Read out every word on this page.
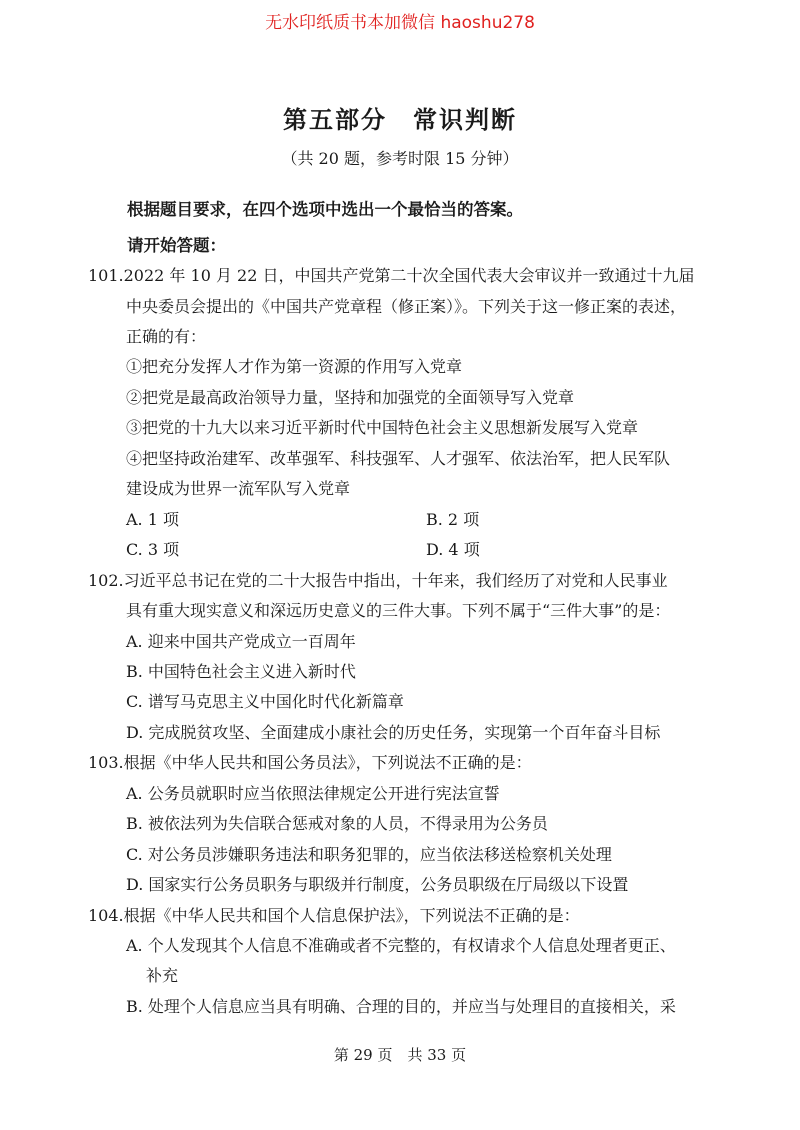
无水印纸质书本加微信 haoshu278
第五部分　常识判断
（共 20 题，参考时限 15 分钟）
根据题目要求，在四个选项中选出一个最恰当的答案。
请开始答题：
101.2022 年 10 月 22 日，中国共产党第二十次全国代表大会审议并一致通过十九届
中央委员会提出的《中国共产党章程（修正案）》。下列关于这一修正案的表述，
正确的有：
①把充分发挥人才作为第一资源的作用写入党章
②把党是最高政治领导力量，坚持和加强党的全面领导写入党章
③把党的十九大以来习近平新时代中国特色社会主义思想新发展写入党章
④把坚持政治建军、改革强军、科技强军、人才强军、依法治军，把人民军队
建设成为世界一流军队写入党章
A. 1 项	B. 2 项
C. 3 项	D. 4 项
102.习近平总书记在党的二十大报告中指出，十年来，我们经历了对党和人民事业
具有重大现实意义和深远历史意义的三件大事。下列不属于“三件大事”的是：
A. 迎来中国共产党成立一百周年
B. 中国特色社会主义进入新时代
C. 谱写马克思主义中国化时代化新篇章
D. 完成脱贫攻坚、全面建成小康社会的历史任务，实现第一个百年奋斗目标
103.根据《中华人民共和国公务员法》，下列说法不正确的是：
A. 公务员就职时应当依照法律规定公开进行宪法宣誓
B. 被依法列为失信联合惩戒对象的人员，不得录用为公务员
C. 对公务员涉嫌职务违法和职务犯罪的，应当依法移送检察机关处理
D. 国家实行公务员职务与职级并行制度，公务员职级在厅局级以下设置
104.根据《中华人民共和国个人信息保护法》，下列说法不正确的是：
A. 个人发现其个人信息不准确或者不完整的，有权请求个人信息处理者更正、
补充
B. 处理个人信息应当具有明确、合理的目的，并应当与处理目的直接相关，采
第 29 页　共 33 页
